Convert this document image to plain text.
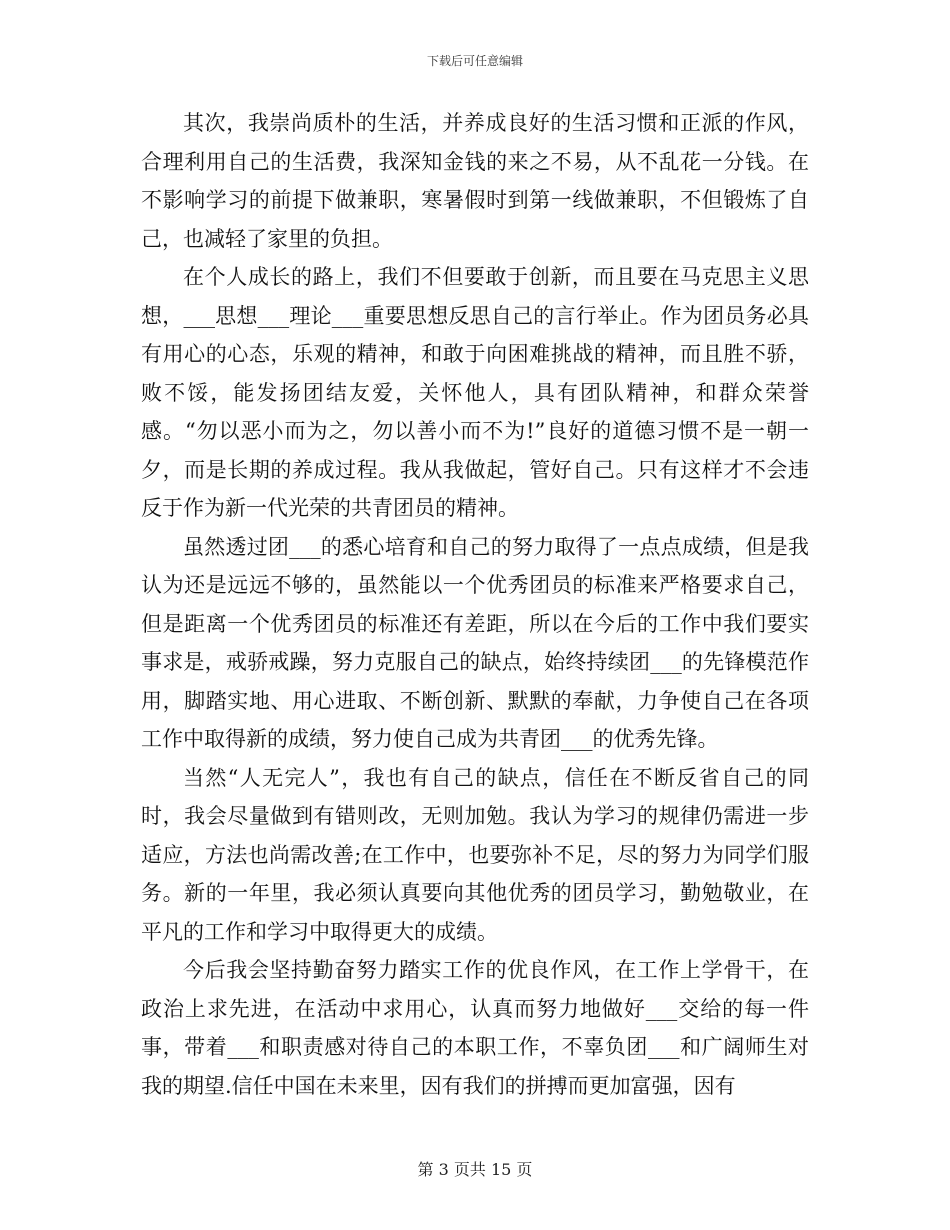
下载后可任意编辑

其次，我崇尚质朴的生活，并养成良好的生活习惯和正派的作风，合理利用自己的生活费，我深知金钱的来之不易，从不乱花一分钱。在不影响学习的前提下做兼职，寒暑假时到第一线做兼职，不但锻炼了自己，也减轻了家里的负担。

在个人成长的路上，我们不但要敢于创新，而且要在马克思主义思想，___思想___理论___重要思想反思自己的言行举止。作为团员务必具有用心的心态，乐观的精神，和敢于向困难挑战的精神，而且胜不骄，败不馁，能发扬团结友爱，关怀他人，具有团队精神，和群众荣誉感。“勿以恶小而为之，勿以善小而不为!”良好的道德习惯不是一朝一夕，而是长期的养成过程。我从我做起，管好自己。只有这样才不会违反于作为新一代光荣的共青团员的精神。

虽然透过团___的悉心培育和自己的努力取得了一点点成绩，但是我认为还是远远不够的，虽然能以一个优秀团员的标准来严格要求自己，但是距离一个优秀团员的标准还有差距，所以在今后的工作中我们要实事求是，戒骄戒躁，努力克服自己的缺点，始终持续团___的先锋模范作用，脚踏实地、用心进取、不断创新、默默的奉献，力争使自己在各项工作中取得新的成绩，努力使自己成为共青团___的优秀先锋。

当然“人无完人”，我也有自己的缺点，信任在不断反省自己的同时，我会尽量做到有错则改，无则加勉。我认为学习的规律仍需进一步适应，方法也尚需改善;在工作中，也要弥补不足，尽的努力为同学们服务。新的一年里，我必须认真要向其他优秀的团员学习，勤勉敬业，在平凡的工作和学习中取得更大的成绩。

今后我会坚持勤奋努力踏实工作的优良作风，在工作上学骨干，在政治上求先进，在活动中求用心，认真而努力地做好___交给的每一件事，带着___和职责感对待自己的本职工作，不辜负团___和广阔师生对我的期望.信任中国在未来里，因有我们的拼搏而更加富强，因有

第 3 页共 15 页
